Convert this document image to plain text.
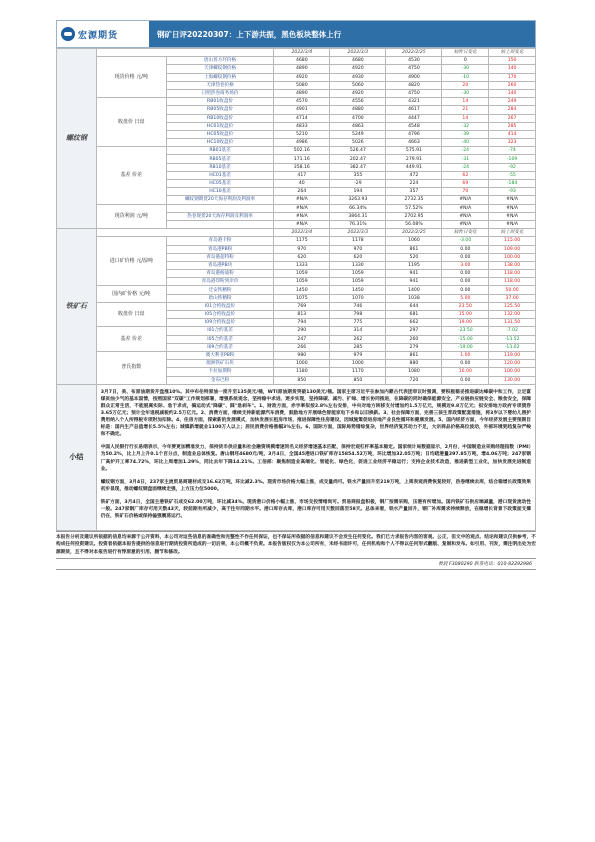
宏源期货	钢矿日评20220307：上下游共振，黑色板块整体上行
螺纹钢			2022/3/4	2022/3/3	2022/2/25	较昨日变化	较上周变化
	现货价格 元/吨	唐山普方坯价格	4680	4680	4530	0	150
		天津螺纹钢价格	4890	4920	4750	-30	140
		上海螺纹钢价格	4920	4930	4900	-10	170
		天津热卷价格	5080	5060	4820	20	260
		日照热卷商务场价	4890	4920	4750	-30	140
	收盘价 日盘	RB01收盘价	4570	4556	4321	14	249
		RB05收盘价	4901	4880	4617	21	284
		RB10收盘价	4714	4700	4447	14	267
		HC01收盘价	4833	4863	4548	-32	285
		HC05收盘价	5210	5249	4796	-39	414
		HC10收盘价	4986	5026	4663	-40	323
	基差 价差	RB01基差	502.16	526.47	575.91	-24	-74
		RB05基差	171.16	202.47	279.91	-31	-109
		RB10基差	358.16	382.47	449.91	-24	-92
		HC01基差	417	355	472	62	-55
		HC05基差	40	-29	224	69	-184
		HC10基差	264	194	357	70	-93
		螺纹钢期货20天海存利润及利润率	#N/A	3263.93	2732.35	#N/A	#N/A
	现货利润 元/吨		#N/A	66.34%	57.52%	#N/A	#N/A
		热卷现货20天海存利润及利润率	#N/A	3864.31	2702.95	#N/A	#N/A
			#N/A	76.31%	56.08%	#N/A	#N/A
铁矿石			2022/3/4	2022/3/3	2022/2/25	较昨日变化	较上周变化
	进口矿价格 元/湿吨	青岛港卡粉	1175	1178	1060	-3.00	115.00
		青岛港PB粉	970	970	861	0.00	109.00
		青岛港超特粉	620	620	520	0.00	100.00
		青岛港PB块	1333	1330	1195	3.00	138.00
		青岛港杨迪粉	1059	1059	941	0.00	118.00
		青岛港印粉到岸价	1059	1059	941	0.00	118.00
	国内矿价格 元/吨	迁安铁精粉	1450	1450	1400	0.00	50.00
		唐山铁精粉	1075	1070	1038	5.00	37.00
	收盘价 日盘	I01合约收盘价	769	746	644	23.50	125.50
		I05合约收盘价	813	798	681	15.00	132.00
		I09合约收盘价	794	775	662	19.00	131.50
	基差 价差	I01合约基差	290	314	297	-23.50	-7.02
		I05合约基差	247	262	260	-15.00	-13.52
		I09合约基差	266	285	279	-19.00	-13.02
	普氏指数	澳大利亚PB粉	980	979	861	1.00	119.00
		澳洲铁矿石块	1000	1000	880	0.00	120.00
		卡拉加斯粉	1180	1170	1080	10.00	100.00
		金布巴粉	850	850	720	0.00	130.00
小结	3月7日，美、布原油期货开盘涨10%。其中布伦特原油一度升至135美元/桶，WTI原油期货突破130美元/桶。国家主席习近平在参加内蒙古代表团审议时强调，要积极稳妥推进碳达峰碳中和工作，立足富煤贫油少气的基本国情，按照国家"双碳"工作规划部署，增强系统观念，坚持稳中求进、逐步实现，坚持降碳、减污、扩绿、增长协同推进，在降碳的同时确保能源安全、产业链供应链安全、粮食安全，保障群众正常生活，不能脱离实际、急于求成，搞运动式"降碳"、踩"急刹车"。1、财政方面，赤字率拟按2.8%左右安排，中央对地方转移支付增加约1.5万亿元，规模近9.8万亿元；拟安排地方政府专项债券3.65万亿元；预计全年退税减税约2.5万亿元。2、消费方面，继续支持新能源汽车消费，鼓励地方开展绿色智能家电下乡和以旧换新。3、社会保障方面，完善三孩生育政策配套措施，将3岁以下婴幼儿照护费用纳入个人所得税专项附加扣除。4、住房方面，探索新的发展模式，加快发展长租房市场，推进保障性住房建设，因城施策促进房地产业良性循环和健康发展。5、国内经济方面，今年经济发展主要预期目标是：国内生产总值增长5.5%左右；城镇新增就业1100万人以上；居民消费价格涨幅3%左右。6、国际方面，国际局势错综复杂，世界经济复苏动力不足，大宗商品价格高位波动，外部环境更趋复杂严峻和不确定。

中国人民银行行长易纲表示，今年要更加精准发力，保持货币供应量和社会融资规模增速同名义经济增速基本匹配，保持宏观杠杆率基本稳定。国家统计局数据显示，2月份，中国制造业采购经理指数（PMI）为50.2%，比上月上升0.1个百分点，制造业总体恢复。唐山钢坯4680元/吨，3月4日，全国45港进口铁矿库存15854.52万吨，环比增加32.05万吨；日均疏港量297.85万吨，增4.06万吨；247家钢厂高炉开工率74.72%，环比上周增加1.29%，同比去年下降14.21%。工信部：聚焦制造业高端化、智能化、绿色化，促进工业经济平稳运行；支持企业技术改造，推进新型工业化，加快发展先进制造业。

螺纹钢方面，3月4日，237家主流贸易商建材成交16.62万吨，环比减2.3%。现货市场价格大幅上涨，成交量尚可。铁水产量回升至219万吨，上周表观消费恢复较好，热卷继续去库，结合稳增长政策效果初步显现，推动螺纹钢盘面继续走强，上方压力位5000。

铁矿方面，3月4日，全国主港铁矿石成交62.00万吨，环比减34%。现货港口价格小幅上涨，市场交投情绪尚可。贸易商报盘积极，钢厂按需采购，压港有所增加。国内铁矿石供应端减量，港口现货流动性一般。247家钢厂库存可用天数43天，较前期有所减少，高于往年同期水平。港口库存去库，港口库存可用天数回落至58天。总体来看，铁水产量回升，钢厂补库需求持续释放，在稳增长背景下政策面支撑仍在，铁矿石价格或保持偏强震荡运行。						

本报告分析及建议所依据的信息均来源于公开资料，本公司对这些信息的准确性和完整性不作任何保证，也不保证所依据的信息和建议不会发生任何变化。我们已力求报告内容的客观、公正，但文中的观点、结论和建议仅供参考，不构成任何投资建议。投资者依据本报告提供的信息进行期货投资所造成的一切后果，本公司概不负责。本报告版权仅为本公司所有，未经书面许可，任何机构和个人不得以任何形式翻版、复制和发布。如引用、刊发，需注明出处为宏源期货，且不得对本报告进行有悖原意的引用、删节和修改。
黄晨 F3080290 联系电话：010-82292986
